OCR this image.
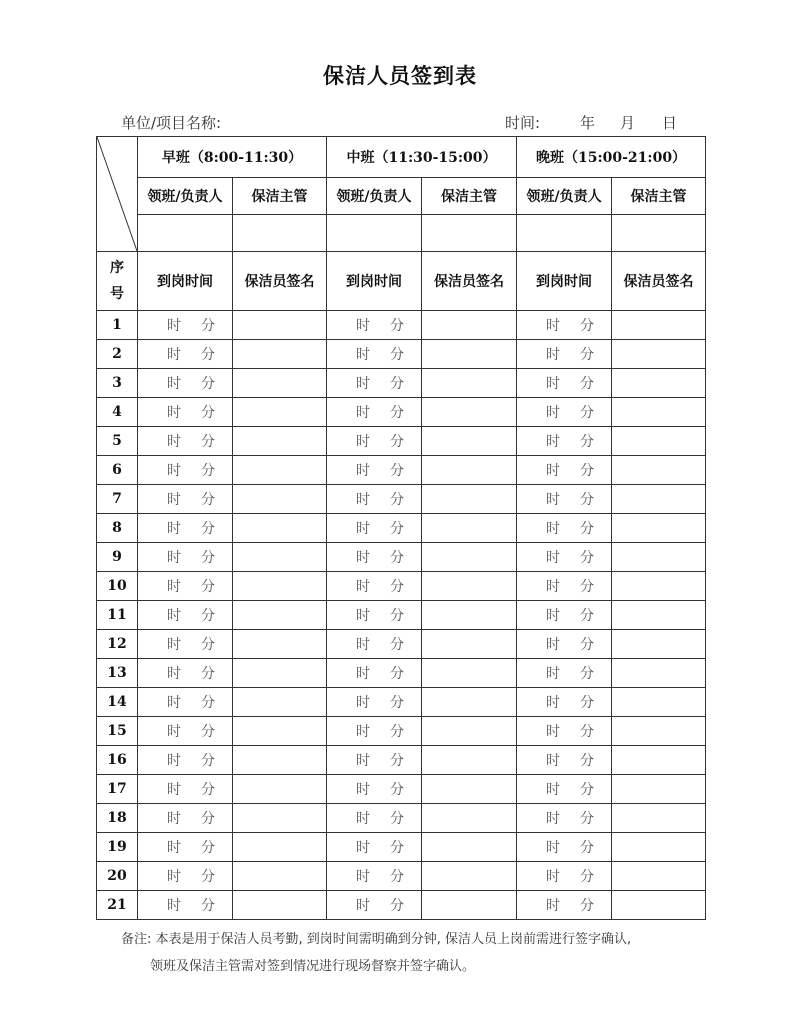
保洁人员签到表
单位/项目名称:	时间:	年 月 日
	早班（8:00-11:30）		中班（11:30-15:00）		晚班（15:00-21:00）	
	领班/负责人	保洁主管	领班/负责人	保洁主管	领班/负责人	保洁主管

序
号	到岗时间	保洁员签名	到岗时间	保洁员签名	到岗时间	保洁员签名
1	时 分		时 分		时 分	
2	时 分		时 分		时 分	
3	时 分		时 分		时 分	
4	时 分		时 分		时 分	
5	时 分		时 分		时 分	
6	时 分		时 分		时 分	
7	时 分		时 分		时 分	
8	时 分		时 分		时 分	
9	时 分		时 分		时 分	
10	时 分		时 分		时 分	
11	时 分		时 分		时 分	
12	时 分		时 分		时 分	
13	时 分		时 分		时 分	
14	时 分		时 分		时 分	
15	时 分		时 分		时 分	
16	时 分		时 分		时 分	
17	时 分		时 分		时 分	
18	时 分		时 分		时 分	
19	时 分		时 分		时 分	
20	时 分		时 分		时 分	
21	时 分		时 分		时 分	
备注: 本表是用于保洁人员考勤, 到岗时间需明确到分钟, 保洁人员上岗前需进行签字确认,
领班及保洁主管需对签到情况进行现场督察并签字确认。
